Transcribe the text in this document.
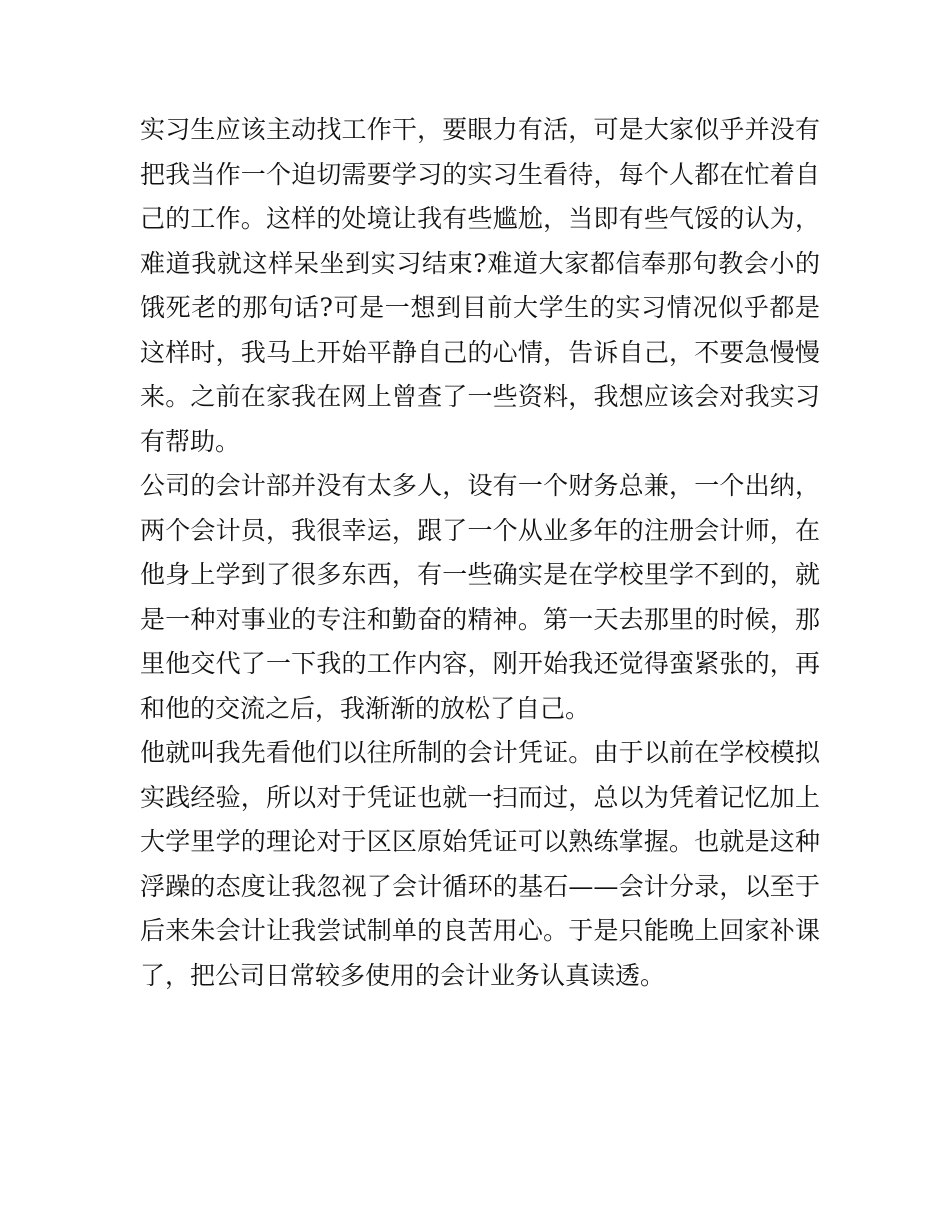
实习生应该主动找工作干，要眼力有活，可是大家似乎并没有
把我当作一个迫切需要学习的实习生看待，每个人都在忙着自
己的工作。这样的处境让我有些尴尬，当即有些气馁的认为，
难道我就这样呆坐到实习结束?难道大家都信奉那句教会小的
饿死老的那句话?可是一想到目前大学生的实习情况似乎都是
这样时，我马上开始平静自己的心情，告诉自己，不要急慢慢
来。之前在家我在网上曾查了一些资料，我想应该会对我实习
有帮助。
公司的会计部并没有太多人，设有一个财务总兼，一个出纳，
两个会计员，我很幸运，跟了一个从业多年的注册会计师，在
他身上学到了很多东西，有一些确实是在学校里学不到的，就
是一种对事业的专注和勤奋的精神。第一天去那里的时候，那
里他交代了一下我的工作内容，刚开始我还觉得蛮紧张的，再
和他的交流之后，我渐渐的放松了自己。
他就叫我先看他们以往所制的会计凭证。由于以前在学校模拟
实践经验，所以对于凭证也就一扫而过，总以为凭着记忆加上
大学里学的理论对于区区原始凭证可以熟练掌握。也就是这种
浮躁的态度让我忽视了会计循环的基石——会计分录，以至于
后来朱会计让我尝试制单的良苦用心。于是只能晚上回家补课
了，把公司日常较多使用的会计业务认真读透。
